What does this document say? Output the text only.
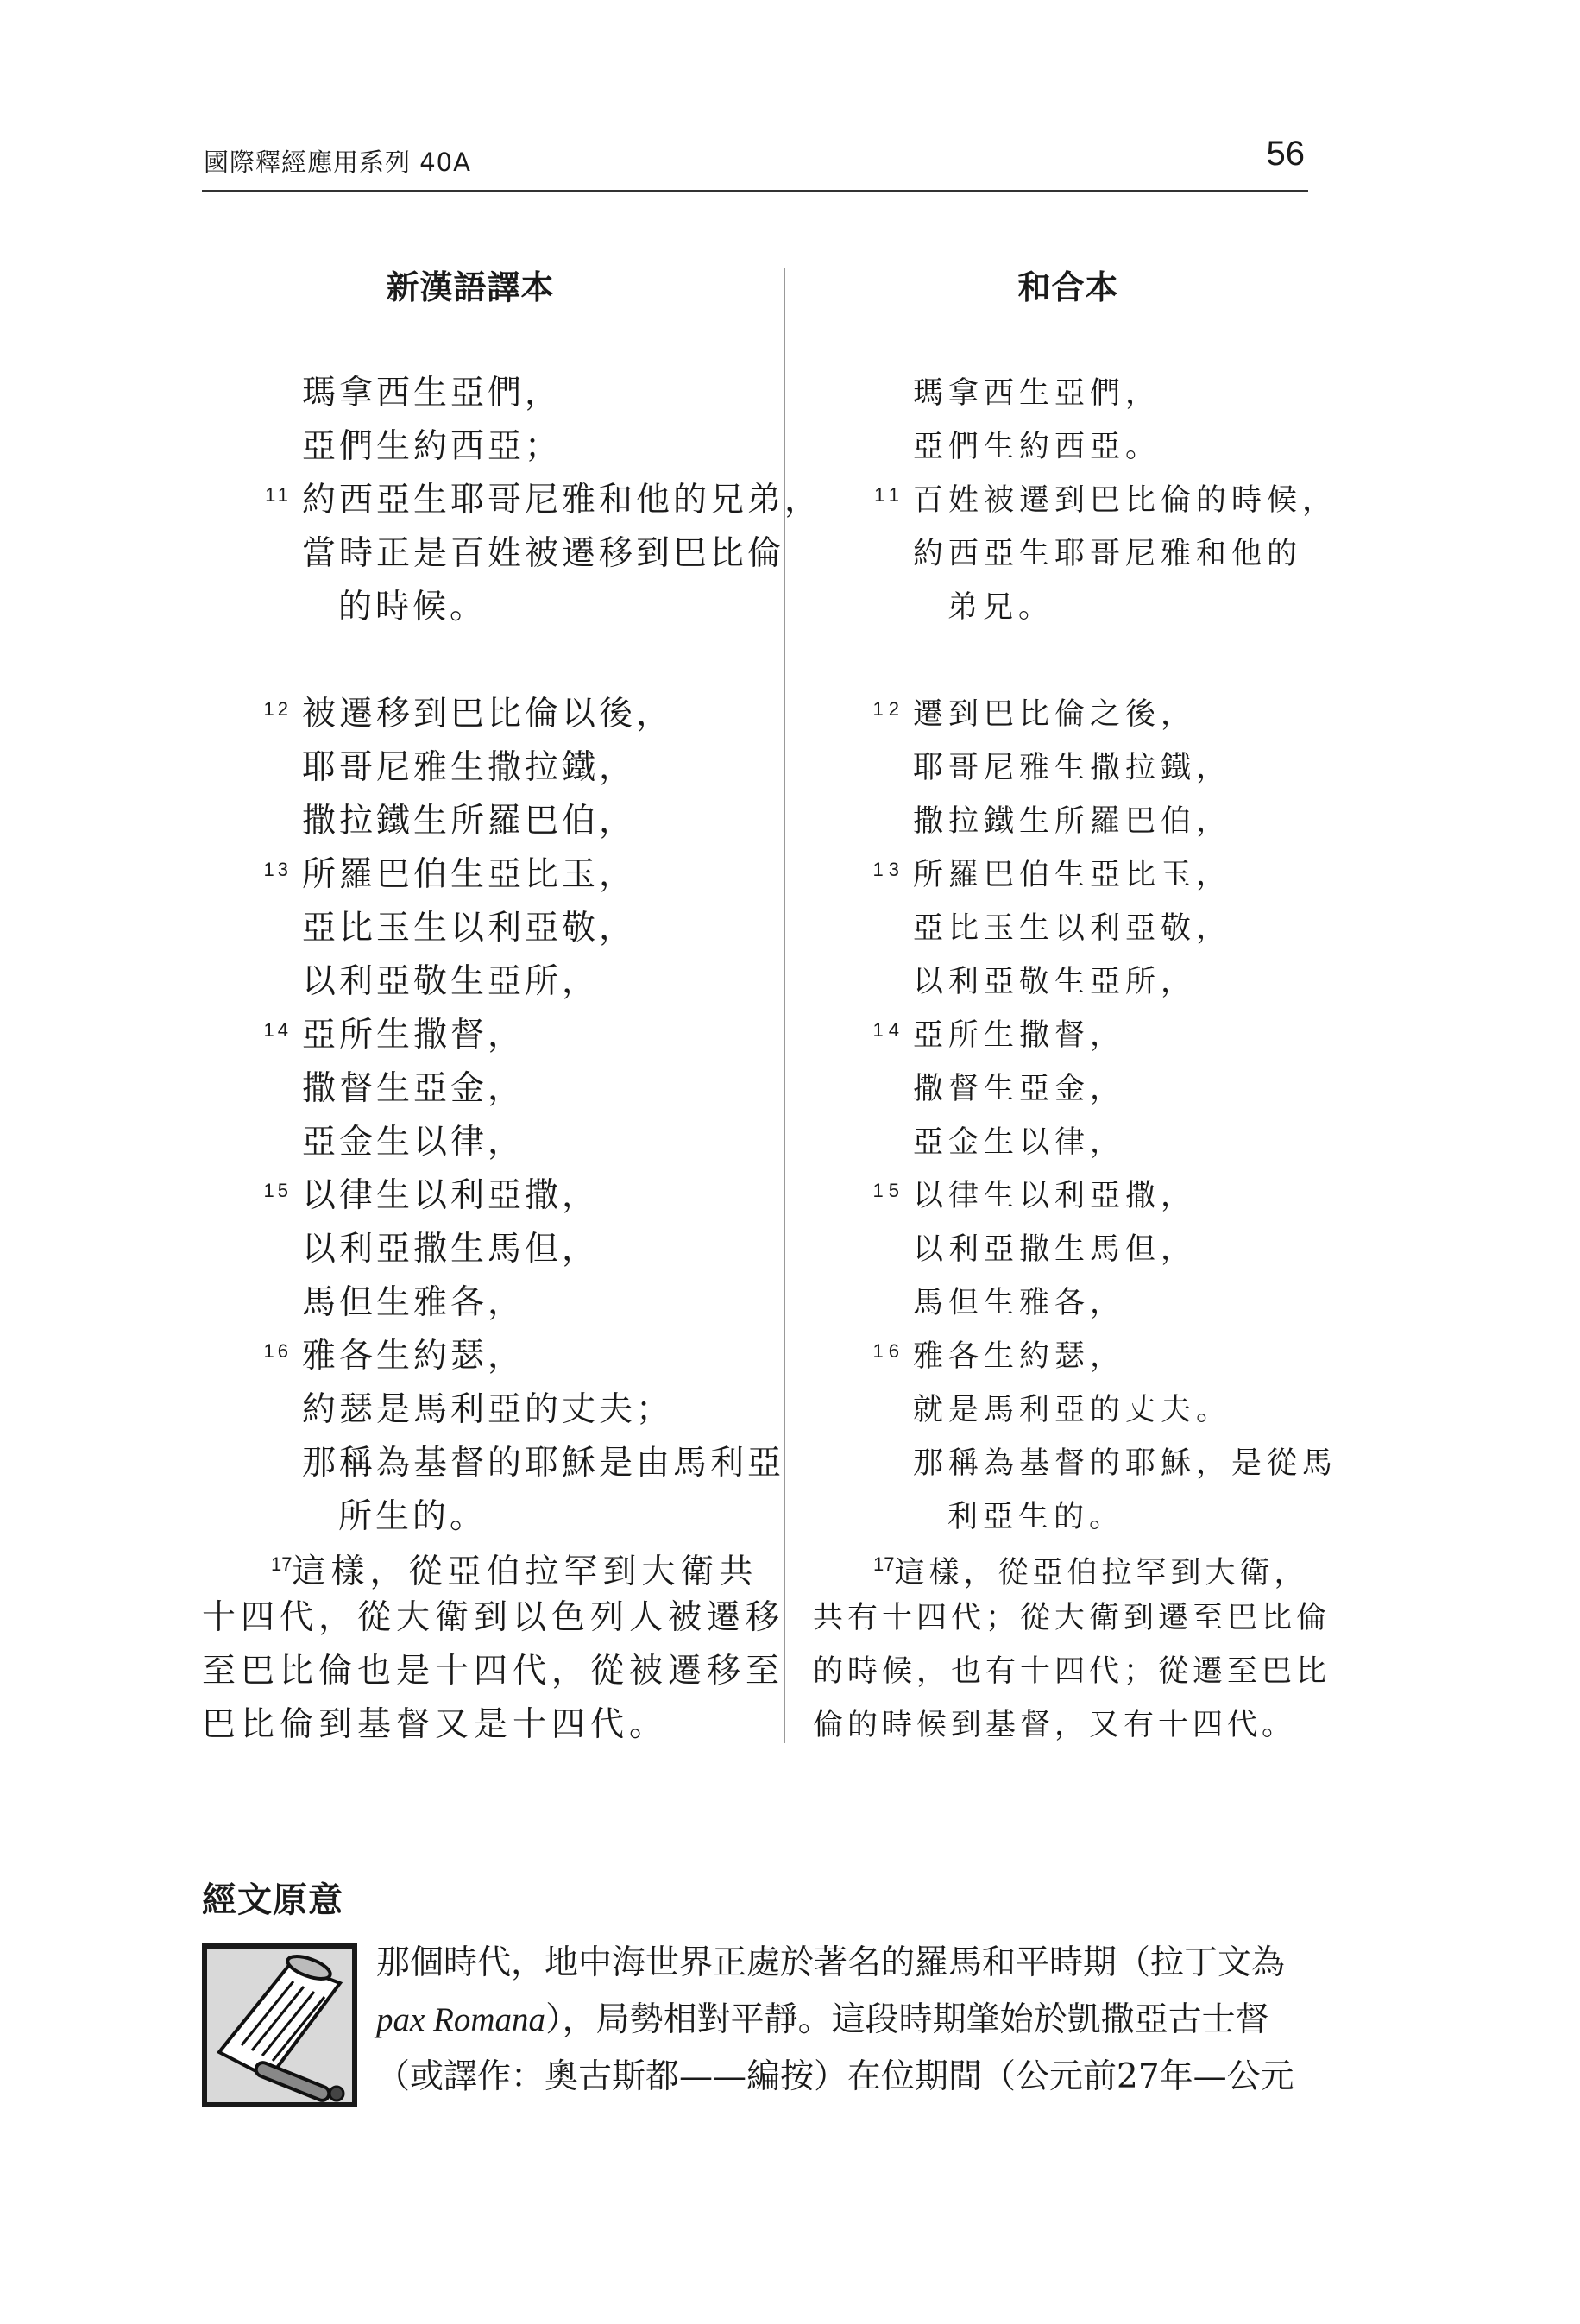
國際釋經應用系列 40A	56
新漢語譯本	和合本
瑪拿西生亞們，
亞們生約西亞；
11 約西亞生耶哥尼雅和他的兄弟，
當時正是百姓被遷移到巴比倫
的時候。
12 被遷移到巴比倫以後，
耶哥尼雅生撒拉鐵，
撒拉鐵生所羅巴伯，
13 所羅巴伯生亞比玉，
亞比玉生以利亞敬，
以利亞敬生亞所，
14 亞所生撒督，
撒督生亞金，
亞金生以律，
15 以律生以利亞撒，
以利亞撒生馬但，
馬但生雅各，
16 雅各生約瑟，
約瑟是馬利亞的丈夫；
那稱為基督的耶穌是由馬利亞
所生的。
瑪拿西生亞們，
亞們生約西亞。
11 百姓被遷到巴比倫的時候，
約西亞生耶哥尼雅和他的
弟兄。
12 遷到巴比倫之後，
耶哥尼雅生撒拉鐵，
撒拉鐵生所羅巴伯，
13 所羅巴伯生亞比玉，
亞比玉生以利亞敬，
以利亞敬生亞所，
14 亞所生撒督，
撒督生亞金，
亞金生以律，
15 以律生以利亞撒，
以利亞撒生馬但，
馬但生雅各，
16 雅各生約瑟，
就是馬利亞的丈夫。
那稱為基督的耶穌，是從馬
利亞生的。
$^{17}$這樣，從亞伯拉罕到大衛共
十四代，從大衛到以色列人被遷移
至巴比倫也是十四代，從被遷移至
巴比倫到基督又是十四代。
$^{17}$這樣，從亞伯拉罕到大衛，
共有十四代；從大衛到遷至巴比倫
的時候，也有十四代；從遷至巴比
倫的時候到基督，又有十四代。
經文原意
那個時代，地中海世界正處於著名的羅馬和平時期（拉丁文為
pax Romana），局勢相對平靜。這段時期肇始於凱撒亞古士督
（或譯作：奧古斯都——編按）在位期間（公元前27年—公元
